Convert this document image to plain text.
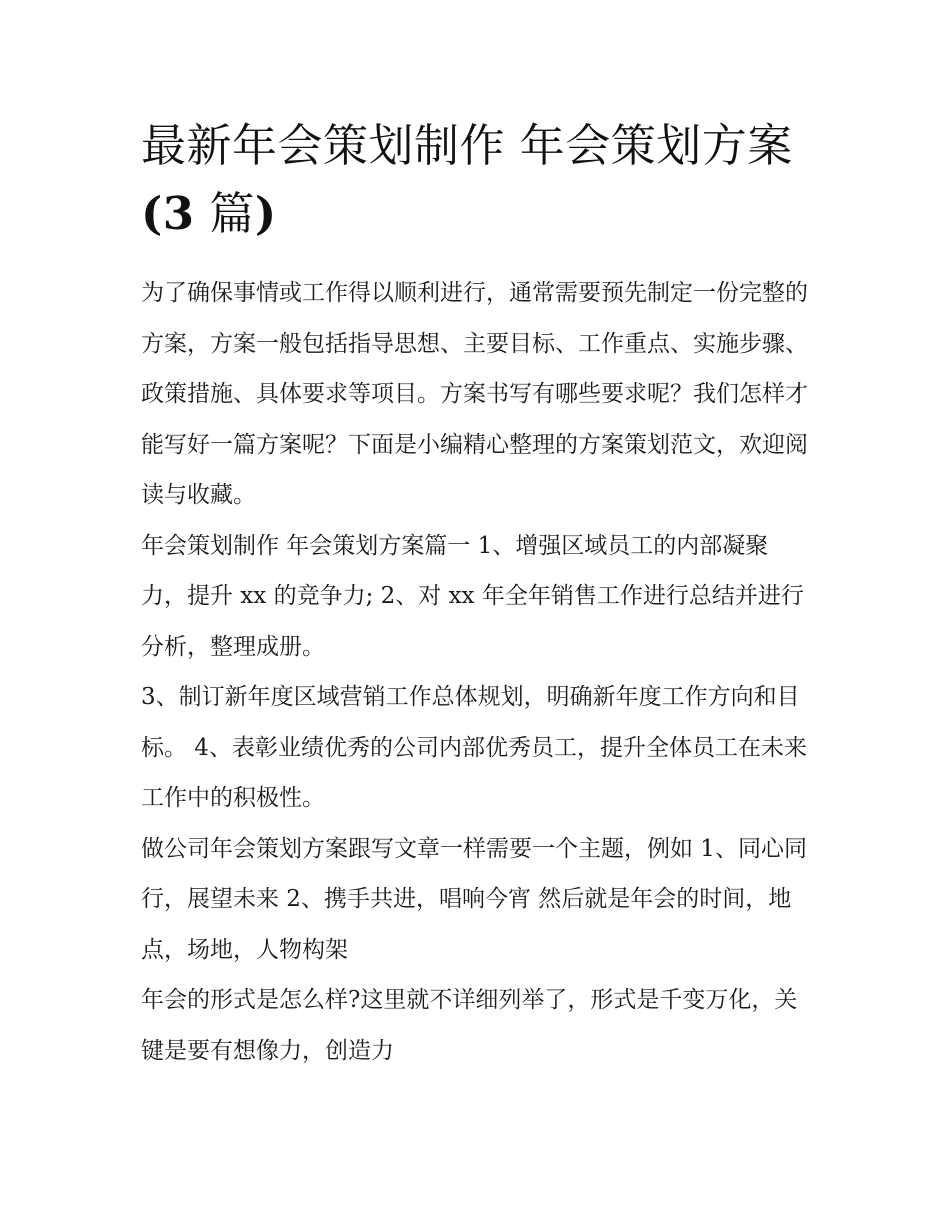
最新年会策划制作 年会策划方案(3 篇)

为了确保事情或工作得以顺利进行，通常需要预先制定一份完整的方案，方案一般包括指导思想、主要目标、工作重点、实施步骤、政策措施、具体要求等项目。方案书写有哪些要求呢？我们怎样才能写好一篇方案呢？下面是小编精心整理的方案策划范文，欢迎阅读与收藏。

年会策划制作 年会策划方案篇一 1、增强区域员工的内部凝聚力，提升 xx 的竞争力; 2、对 xx 年全年销售工作进行总结并进行分析，整理成册。

3、制订新年度区域营销工作总体规划，明确新年度工作方向和目标。 4、表彰业绩优秀的公司内部优秀员工，提升全体员工在未来工作中的积极性。

做公司年会策划方案跟写文章一样需要一个主题，例如 1、同心同行，展望未来 2、携手共进，唱响今宵 然后就是年会的时间，地点，场地，人物构架

年会的形式是怎么样?这里就不详细列举了，形式是千变万化，关键是要有想像力，创造力
